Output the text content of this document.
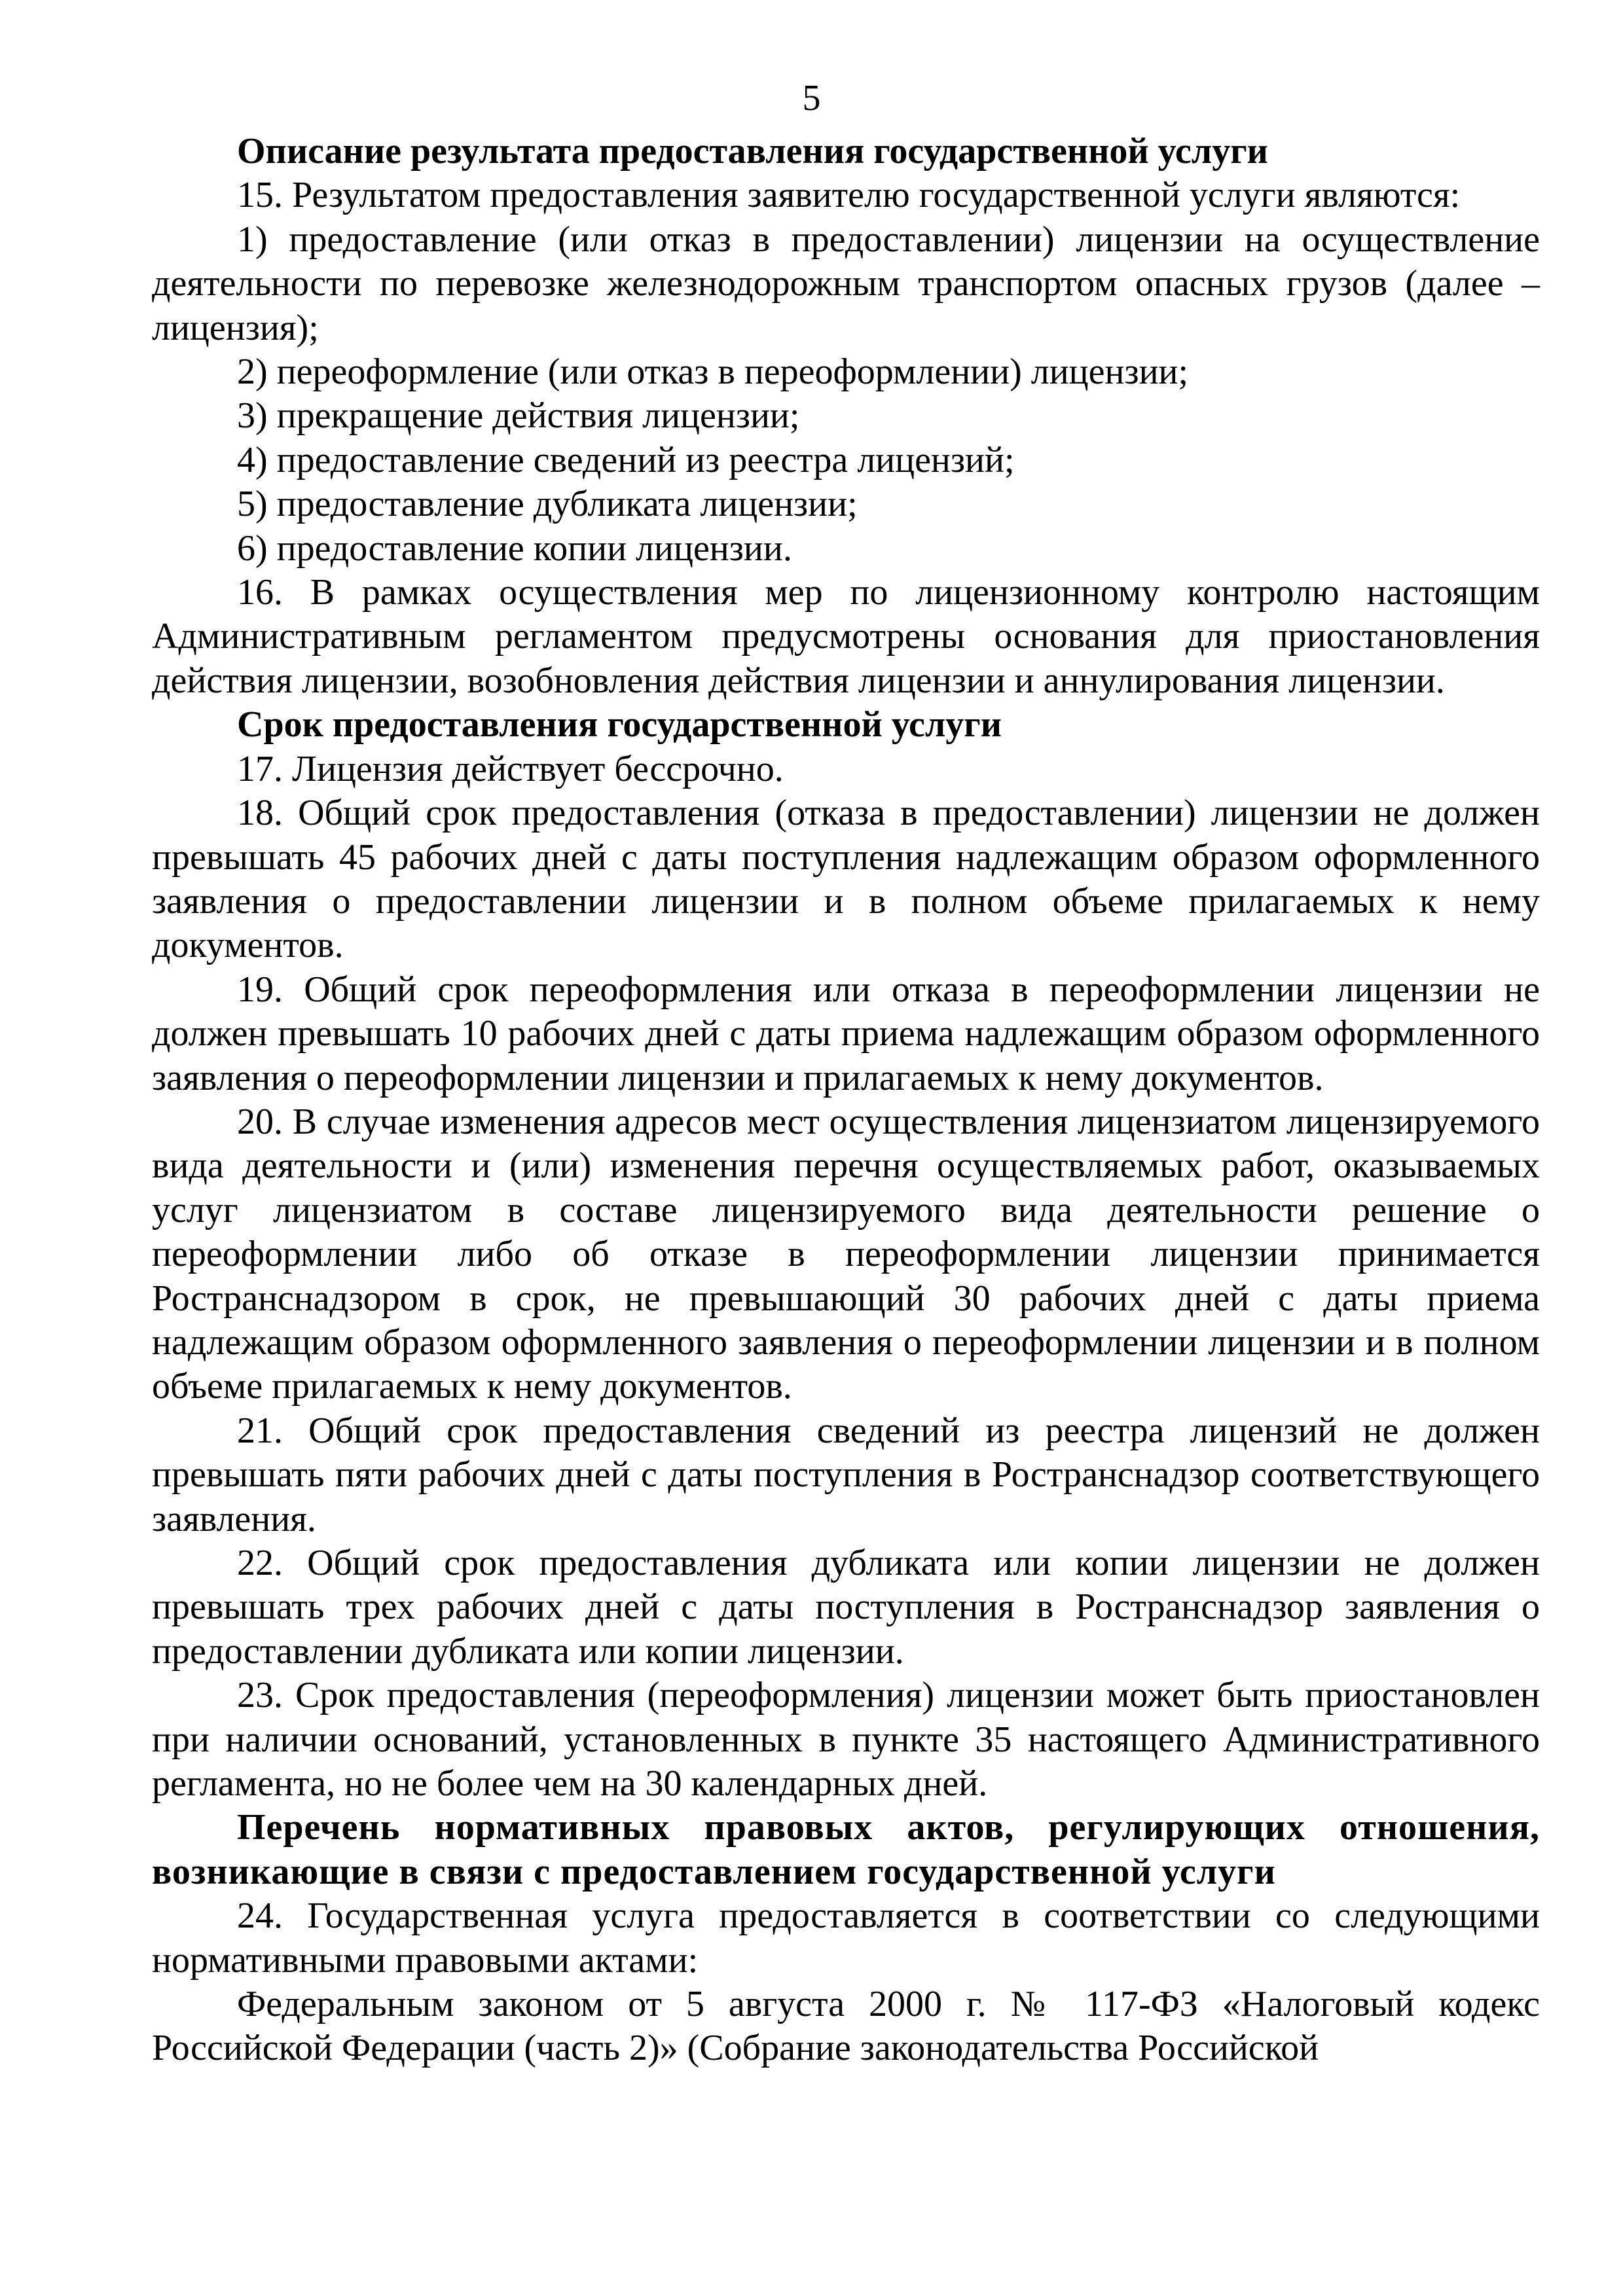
5

Описание результата предоставления государственной услуги

15. Результатом предоставления заявителю государственной услуги являются:

1) предоставление (или отказ в предоставлении) лицензии на осуществление деятельности по перевозке железнодорожным транспортом опасных грузов (далее – лицензия);

2) переоформление (или отказ в переоформлении) лицензии;

3) прекращение действия лицензии;

4) предоставление сведений из реестра лицензий;

5) предоставление дубликата лицензии;

6) предоставление копии лицензии.

16. В рамках осуществления мер по лицензионному контролю настоящим Административным регламентом предусмотрены основания для приостановления действия лицензии, возобновления действия лицензии и аннулирования лицензии.

Срок предоставления государственной услуги

17. Лицензия действует бессрочно.

18. Общий срок предоставления (отказа в предоставлении) лицензии не должен превышать 45 рабочих дней с даты поступления надлежащим образом оформленного заявления о предоставлении лицензии и в полном объеме прилагаемых к нему документов.

19. Общий срок переоформления или отказа в переоформлении лицензии не должен превышать 10 рабочих дней с даты приема надлежащим образом оформленного заявления о переоформлении лицензии и прилагаемых к нему документов.

20. В случае изменения адресов мест осуществления лицензиатом лицензируемого вида деятельности и (или) изменения перечня осуществляемых работ, оказываемых услуг лицензиатом в составе лицензируемого вида деятельности решение о переоформлении либо об отказе в переоформлении лицензии принимается Ространснадзором в срок, не превышающий 30 рабочих дней с даты приема надлежащим образом оформленного заявления о переоформлении лицензии и в полном объеме прилагаемых к нему документов.

21. Общий срок предоставления сведений из реестра лицензий не должен превышать пяти рабочих дней с даты поступления в Ространснадзор соответствующего заявления.

22. Общий срок предоставления дубликата или копии лицензии не должен превышать трех рабочих дней с даты поступления в Ространснадзор заявления о предоставлении дубликата или копии лицензии.

23. Срок предоставления (переоформления) лицензии может быть приостановлен при наличии оснований, установленных в пункте 35 настоящего Административного регламента, но не более чем на 30 календарных дней.

Перечень нормативных правовых актов, регулирующих отношения, возникающие в связи с предоставлением государственной услуги

24. Государственная услуга предоставляется в соответствии со следующими нормативными правовыми актами:

Федеральным законом от 5 августа 2000 г. № 117-ФЗ «Налоговый кодекс Российской Федерации (часть 2)» (Собрание законодательства Российской
